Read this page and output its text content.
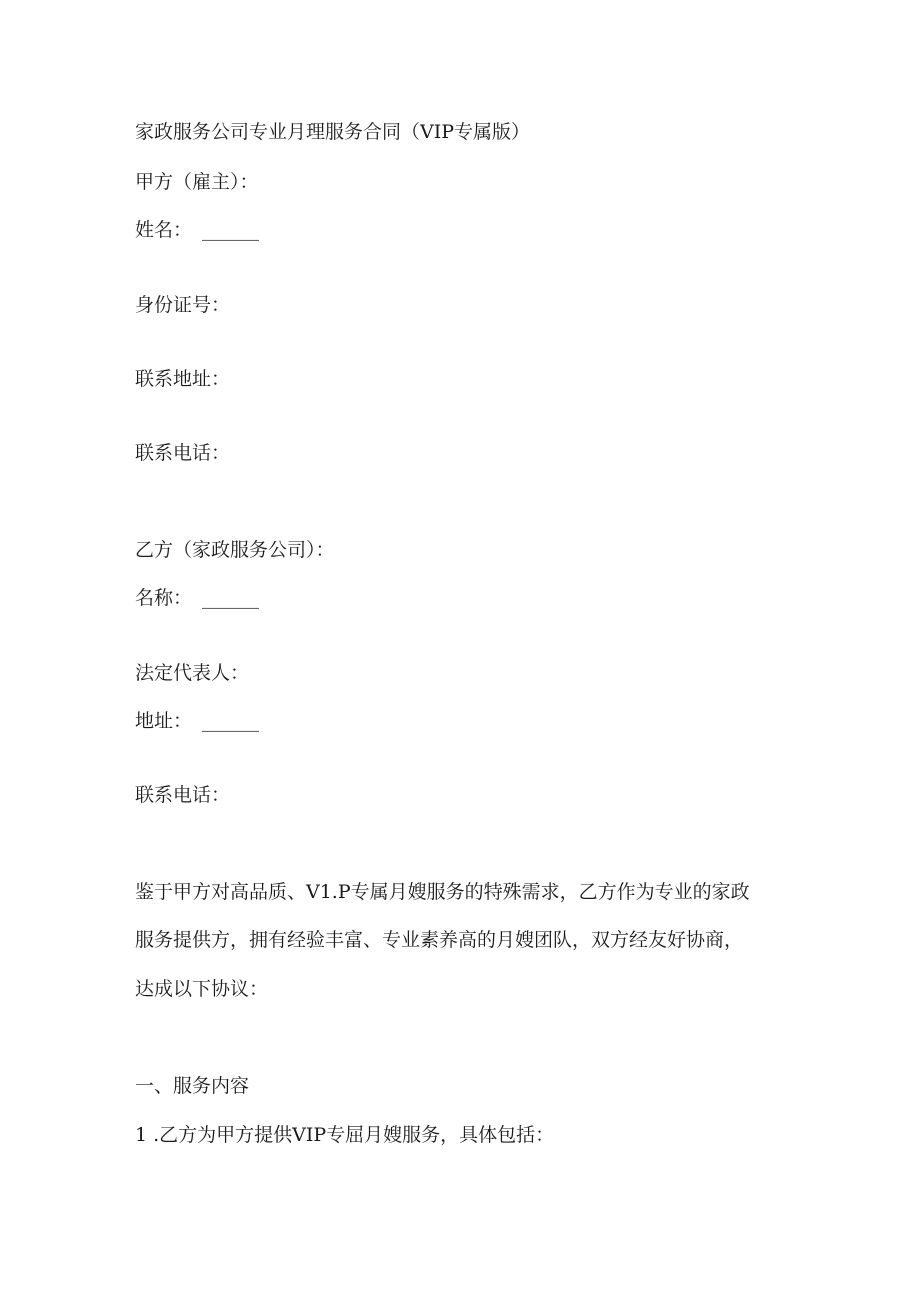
家政服务公司专业月理服务合同（VIP专属版）
甲方（雇主）：
姓名： ______
身份证号：
联系地址：
联系电话：
乙方（家政服务公司）：
名称： ______
法定代表人：
地址： ______
联系电话：
鉴于甲方对高品质、V1.P专属月嫂服务的特殊需求，乙方作为专业的家政
服务提供方，拥有经验丰富、专业素养高的月嫂团队，双方经友好协商，
达成以下协议：
一、服务内容
1 .乙方为甲方提供VIP专屈月嫂服务，具体包括：
